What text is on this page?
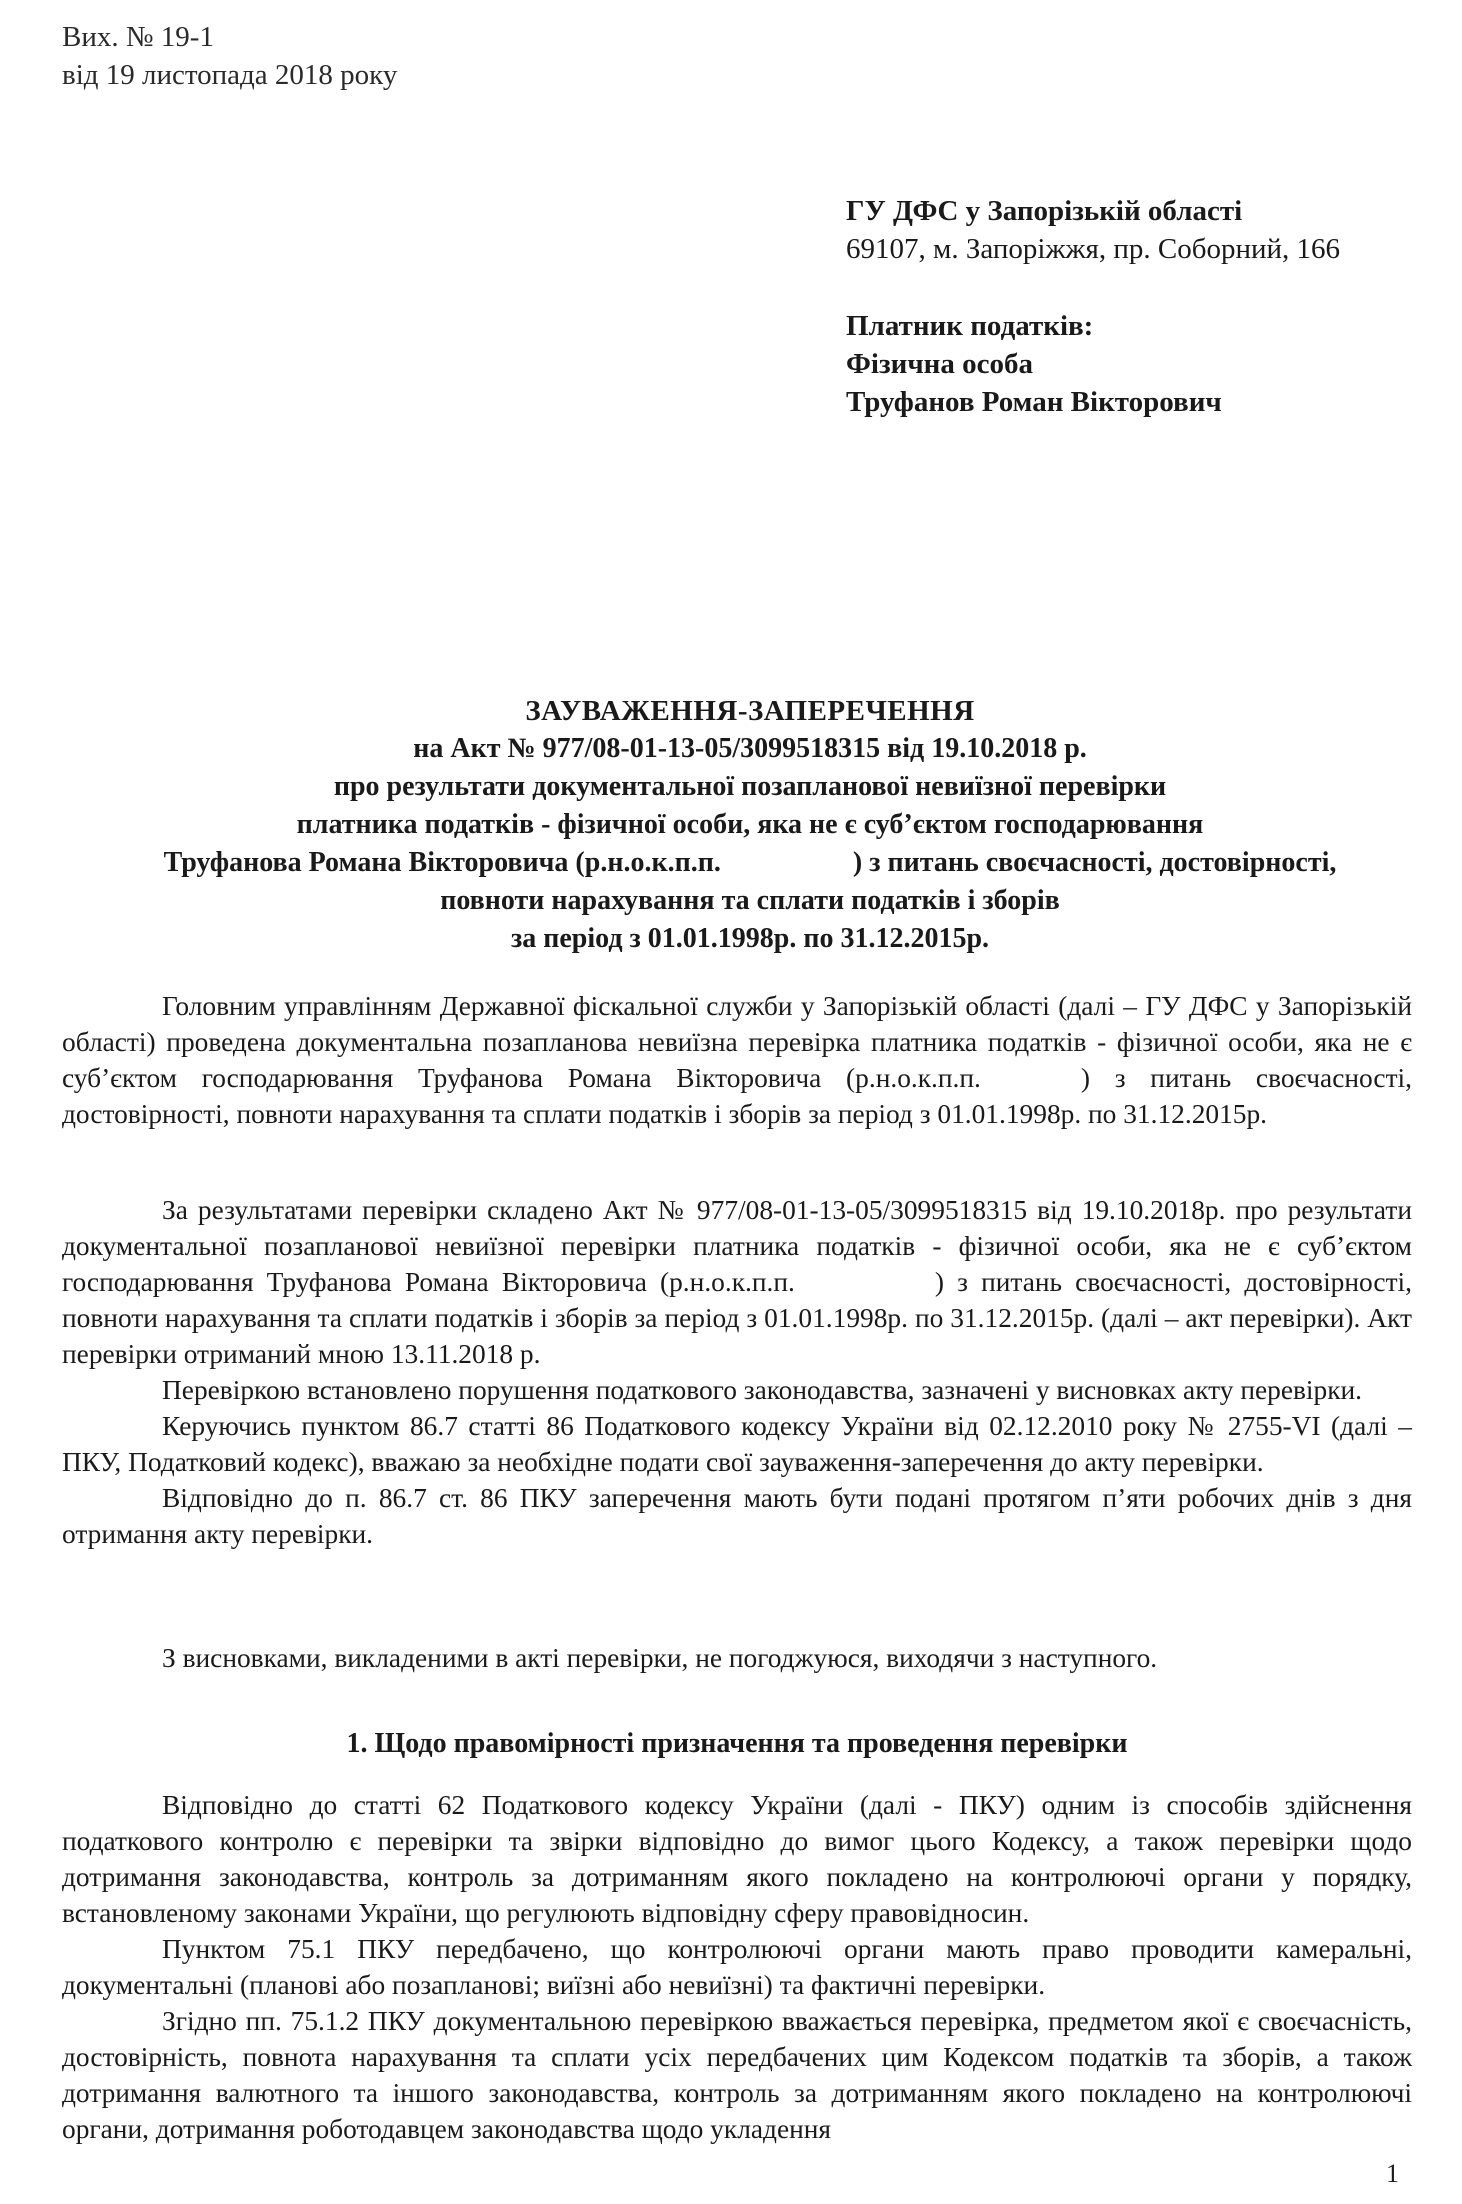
Вих. № 19-1
від 19 листопада 2018 року
ГУ ДФС у Запорізькій області
69107, м. Запоріжжя, пр. Соборний, 166
Платник податків:
Фізична особа
Труфанов Роман Вікторович
ЗАУВАЖЕННЯ-ЗАПЕРЕЧЕННЯ
на Акт № 977/08-01-13-05/3099518315 від 19.10.2018 р.
про результати документальної позапланової невиїзної перевірки
платника податків - фізичної особи, яка не є суб’єктом господарювання
Труфанова Романа Вікторовича (р.н.о.к.п.п.	) з питань своєчасності, достовірності,
повноти нарахування та сплати податків і зборів
за період з 01.01.1998р. по 31.12.2015р.

Головним управлінням Державної фіскальної служби у Запорізькій області (далі – ГУ ДФС у Запорізькій області) проведена документальна позапланова невиїзна перевірка платника податків - фізичної особи, яка не є суб’єктом господарювання Труфанова Романа Вікторовича (р.н.о.к.п.п.	) з питань своєчасності, достовірності, повноти нарахування та сплати податків і зборів за період з 01.01.1998р. по 31.12.2015р.

За результатами перевірки складено Акт № 977/08-01-13-05/3099518315 від 19.10.2018р. про результати документальної позапланової невиїзної перевірки платника податків - фізичної особи, яка не є суб’єктом господарювання Труфанова Романа Вікторовича (р.н.о.к.п.п.	) з питань своєчасності, достовірності, повноти нарахування та сплати податків і зборів за період з 01.01.1998р. по 31.12.2015р. (далі – акт перевірки). Акт перевірки отриманий мною 13.11.2018 р.

Перевіркою встановлено порушення податкового законодавства, зазначені у висновках акту перевірки.

Керуючись пунктом 86.7 статті 86 Податкового кодексу України від 02.12.2010 року № 2755-VI (далі – ПКУ, Податковий кодекс), вважаю за необхідне подати свої зауваження-заперечення до акту перевірки.

Відповідно до п. 86.7 ст. 86 ПКУ заперечення мають бути подані протягом п’яти робочих днів з дня отримання акту перевірки.

З висновками, викладеними в акті перевірки, не погоджуюся, виходячи з наступного.

1. Щодо правомірності призначення та проведення перевірки

Відповідно до статті 62 Податкового кодексу України (далі - ПКУ) одним із способів здійснення податкового контролю є перевірки та звірки відповідно до вимог цього Кодексу, а також перевірки щодо дотримання законодавства, контроль за дотриманням якого покладено на контролюючі органи у порядку, встановленому законами України, що регулюють відповідну сферу правовідносин.

Пунктом 75.1 ПКУ передбачено, що контролюючі органи мають право проводити камеральні, документальні (планові або позапланові; виїзні або невиїзні) та фактичні перевірки.

Згідно пп. 75.1.2 ПКУ документальною перевіркою вважається перевірка, предметом якої є своєчасність, достовірність, повнота нарахування та сплати усіх передбачених цим Кодексом податків та зборів, а також дотримання валютного та іншого законодавства, контроль за дотриманням якого покладено на контролюючі органи, дотримання роботодавцем законодавства щодо укладення

1
